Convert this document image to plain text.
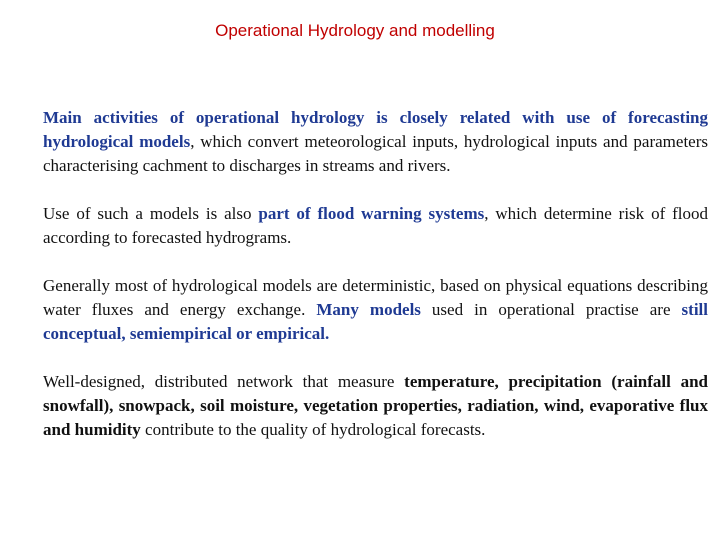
Operational Hydrology and modelling

Main activities of operational hydrology is closely related with use of forecasting hydrological models, which convert meteorological inputs, hydrological inputs and parameters characterising cachment to discharges in streams and rivers.

Use of such a models is also part of flood warning systems, which determine risk of flood according to forecasted hydrograms.

Generally most of hydrological models are deterministic, based on physical equations describing water fluxes and energy exchange. Many models used in operational practise are still conceptual, semiempirical or empirical.

Well-designed, distributed network that measure temperature, precipitation (rainfall and snowfall), snowpack, soil moisture, vegetation properties, radiation, wind, evaporative flux and humidity contribute to the quality of hydrological forecasts.
